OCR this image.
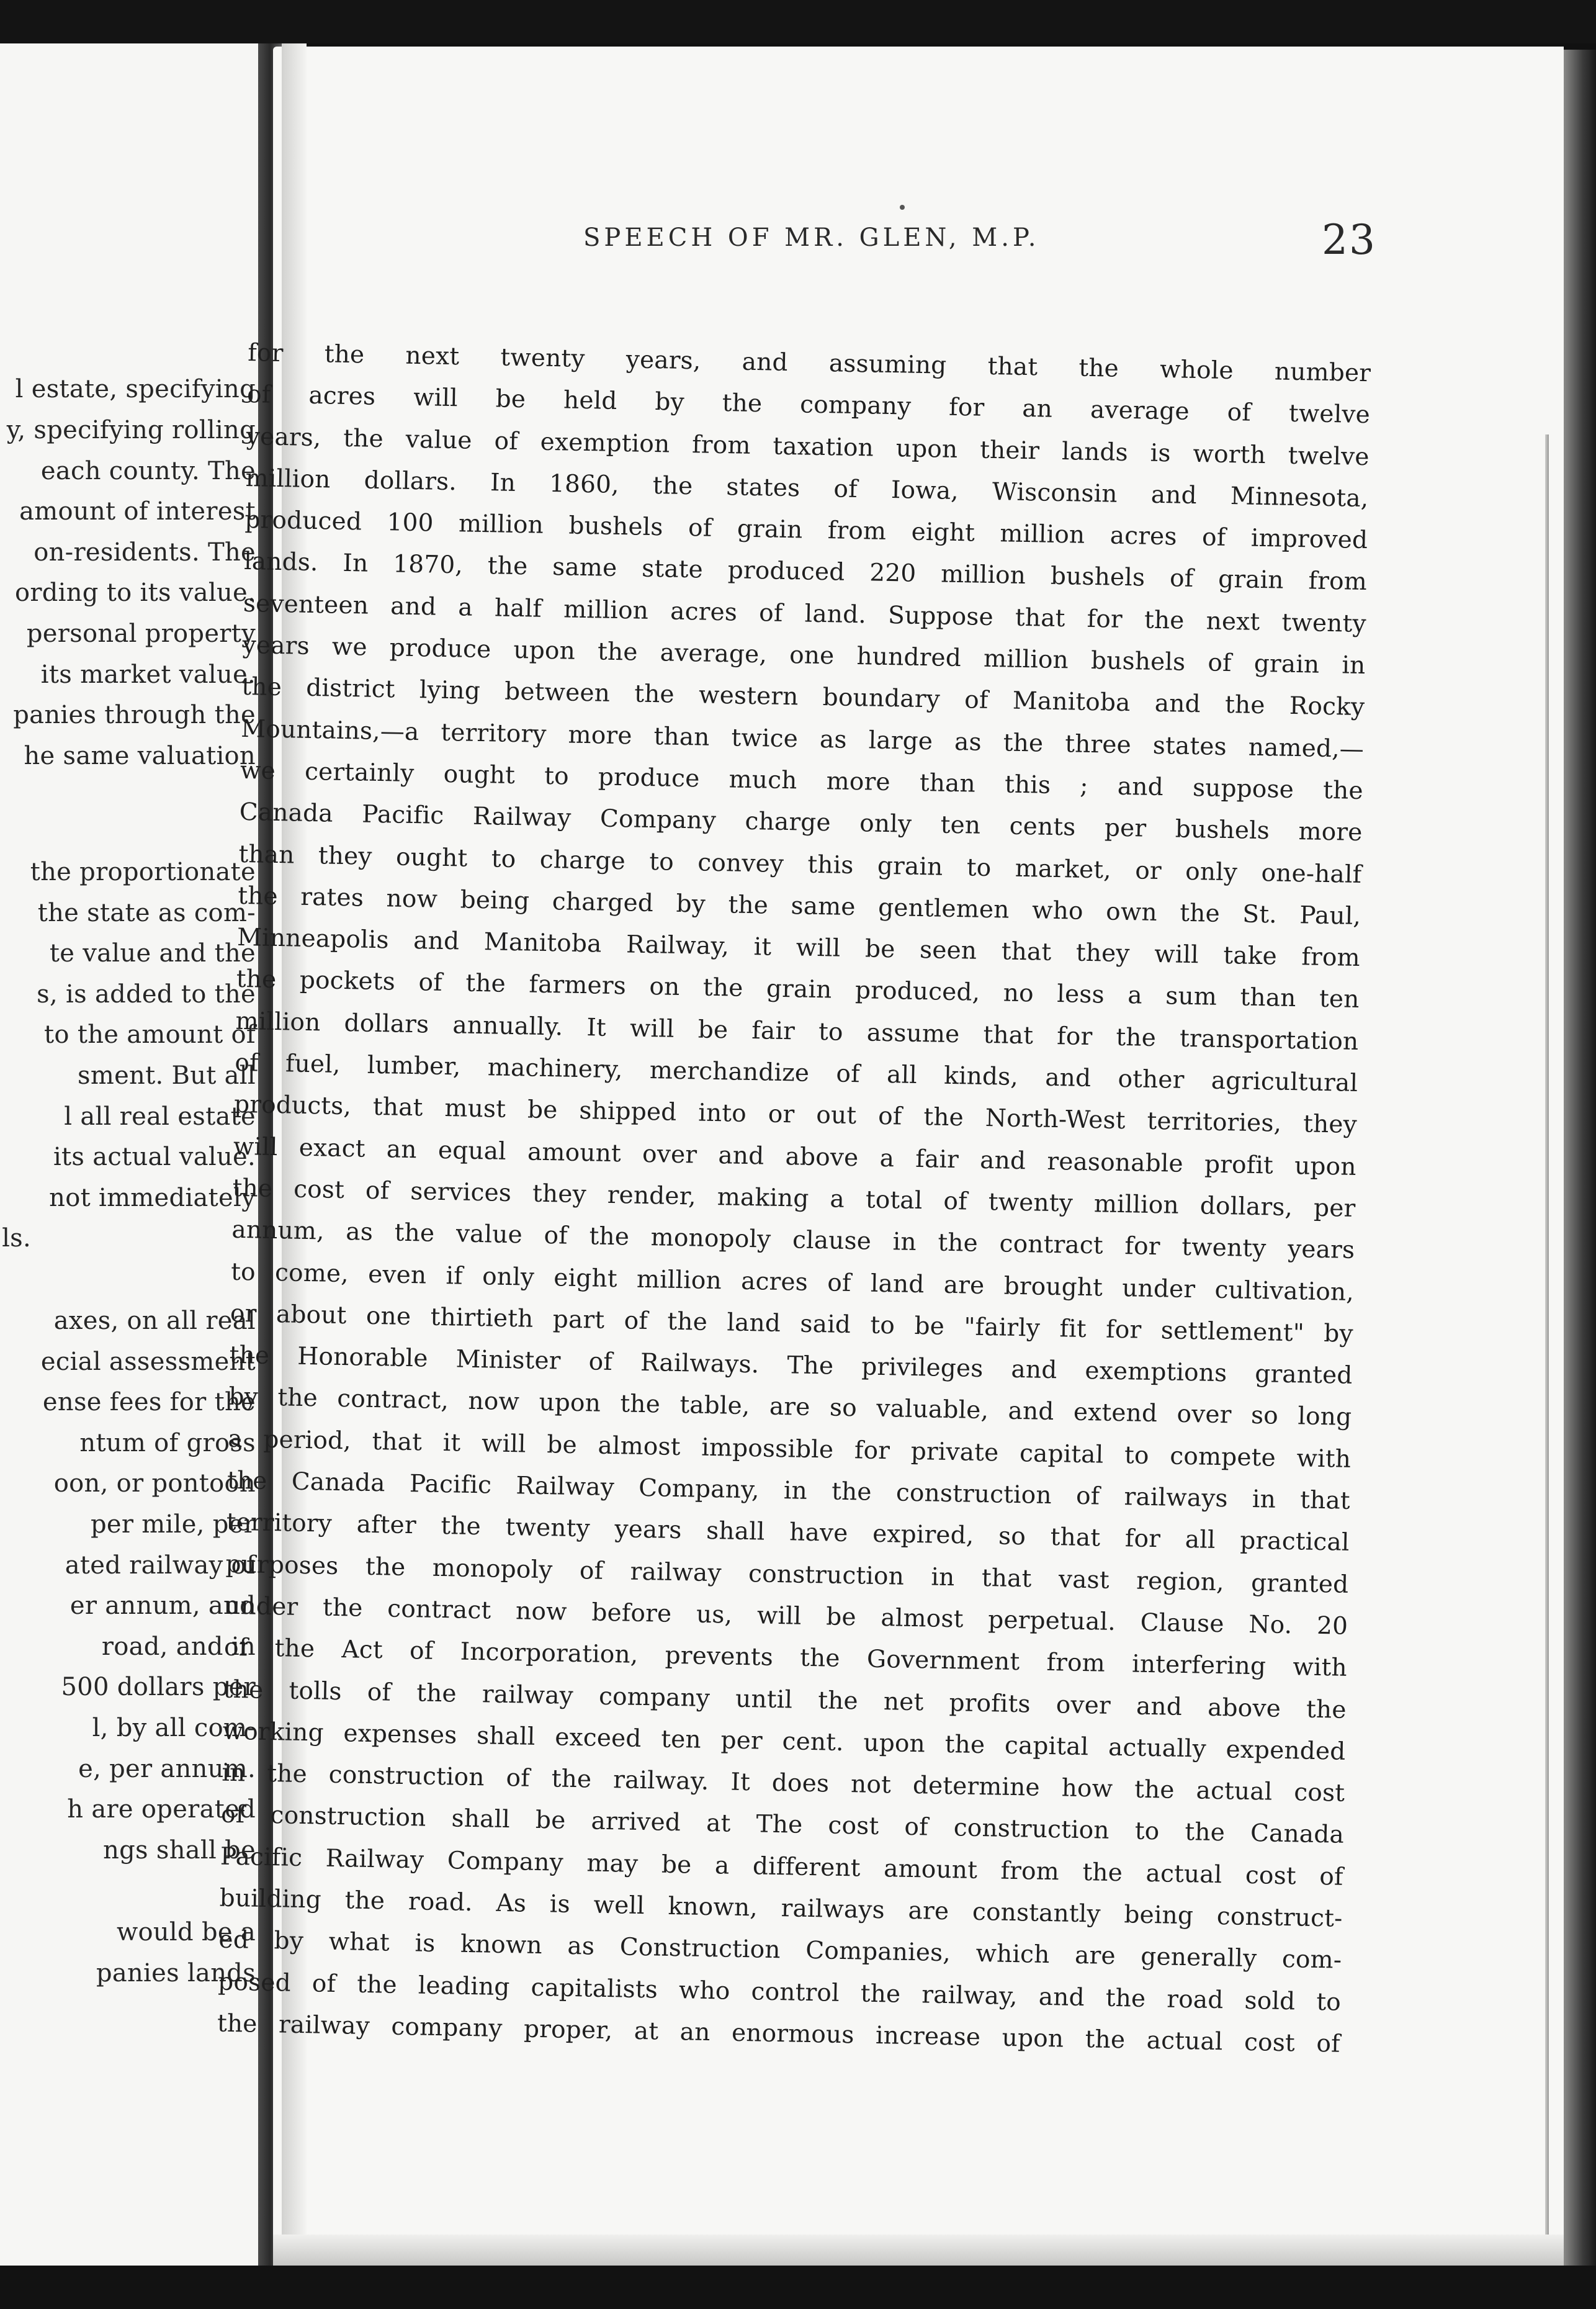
l estate, specifying
y, specifying rolling
each county. The
amount of interest
on-residents. The
ording to its value.
personal property
its market value.
panies through the
he same valuation
the proportionate
the state as com-
te value and the
s, is added to the
to the amount of
sment. But all
l all real estate
its actual value.
not immediately
ls.
axes, on all real
ecial assessment
ense fees for the
ntum of gross
oon, or pontoon
per mile, per
ated railway of
er annum, and
road, and in
500 dollars per
l, by all com-
e, per annum.
h are operated
ngs shall be
would be a
panies lands
SPEECH OF MR. GLEN, M.P.	23
for the next twenty years, and assuming that the whole number
of acres will be held by the company for an average of twelve
years, the value of exemption from taxation upon their lands is worth twelve
million dollars. In 1860, the states of Iowa, Wisconsin and Minnesota,
produced 100 million bushels of grain from eight million acres of improved
lands. In 1870, the same state produced 220 million bushels of grain from
seventeen and a half million acres of land. Suppose that for the next twenty
years we produce upon the average, one hundred million bushels of grain in
the district lying between the western boundary of Manitoba and the Rocky
Mountains,—a territory more than twice as large as the three states named,—
we certainly ought to produce much more than this ; and suppose the
Canada Pacific Railway Company charge only ten cents per bushels more
than they ought to charge to convey this grain to market, or only one-half
the rates now being charged by the same gentlemen who own the St. Paul,
Minneapolis and Manitoba Railway, it will be seen that they will take from
the pockets of the farmers on the grain produced, no less a sum than ten
million dollars annually. It will be fair to assume that for the transportation
of fuel, lumber, machinery, merchandize of all kinds, and other agricultural
products, that must be shipped into or out of the North-West territories, they
will exact an equal amount over and above a fair and reasonable profit upon
the cost of services they render, making a total of twenty million dollars, per
annum, as the value of the monopoly clause in the contract for twenty years
to come, even if only eight million acres of land are brought under cultivation,
or about one thirtieth part of the land said to be "fairly fit for settlement" by
the Honorable Minister of Railways. The privileges and exemptions granted
by the contract, now upon the table, are so valuable, and extend over so long
a period, that it will be almost impossible for private capital to compete with
the Canada Pacific Railway Company, in the construction of railways in that
territory after the twenty years shall have expired, so that for all practical
purposes the monopoly of railway construction in that vast region, granted
under the contract now before us, will be almost perpetual. Clause No. 20
of the Act of Incorporation, prevents the Government from interfering with
the tolls of the railway company until the net profits over and above the
working expenses shall exceed ten per cent. upon the capital actually expended
in the construction of the railway. It does not determine how the actual cost
of construction shall be arrived at The cost of construction to the Canada
Pacific Railway Company may be a different amount from the actual cost of
building the road. As is well known, railways are constantly being construct-
ed by what is known as Construction Companies, which are generally com-
posed of the leading capitalists who control the railway, and the road sold to
the railway company proper, at an enormous increase upon the actual cost of
